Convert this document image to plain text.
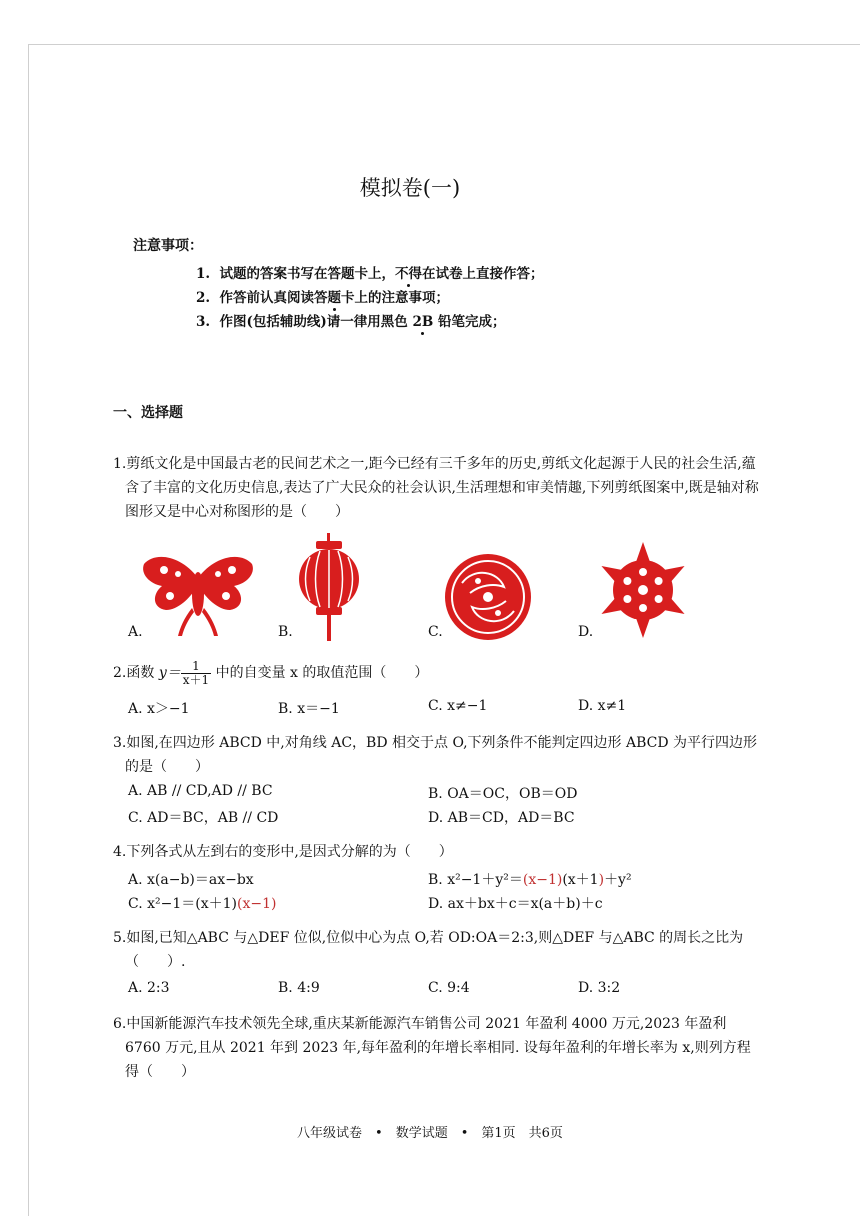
模拟卷(一)
注意事项：
1. 试题的答案书写在答题卡上，不得在试卷上直接作答；
2. 作答前认真阅读答题卡上的注意事项；
3. 作图(包括辅助线)请一律用黑色 2B 铅笔完成；
一、选择题
1.剪纸文化是中国最古老的民间艺术之一,距今已经有三千多年的历史,剪纸文化起源于人民的社会生活,蕴含了丰富的文化历史信息,表达了广大民众的社会认识,生活理想和审美情趣,下列剪纸图案中,既是轴对称图形又是中心对称图形的是（　　）
A.	B.	C.	D.
2.函数 $y= \frac{1}{x+1}$ 中的自变量 x 的取值范围（　　）
A. x＞−1	B. x＝−1	C. x≠−1	D. x≠1
3.如图,在四边形 ABCD 中,对角线 AC，BD 相交于点 O,下列条件不能判定四边形 ABCD 为平行四边形的是（　　）
A. AB // CD,AD // BC	B. OA＝OC，OB＝OD
C. AD＝BC，AB // CD	D. AB＝CD，AD＝BC
4.下列各式从左到右的变形中,是因式分解的为（　　）
A. x(a−b)＝ax−bx	B. x²−1＋y²＝(x−1)(x＋1)＋y²
C. x²−1＝(x＋1)(x−1)	D. ax＋bx＋c＝x(a＋b)＋c
5.如图,已知△ABC 与△DEF 位似,位似中心为点 O,若 OD:OA＝2:3,则△DEF 与△ABC 的周长之比为（　　）.
A. 2:3	B. 4:9	C. 9:4	D. 3:2
6.中国新能源汽车技术领先全球,重庆某新能源汽车销售公司 2021 年盈利 4000 万元,2023 年盈利 6760 万元,且从 2021 年到 2023 年,每年盈利的年增长率相同. 设每年盈利的年增长率为 x,则列方程得（　　）
八年级试卷　•　数学试题　•　第1页　共6页
